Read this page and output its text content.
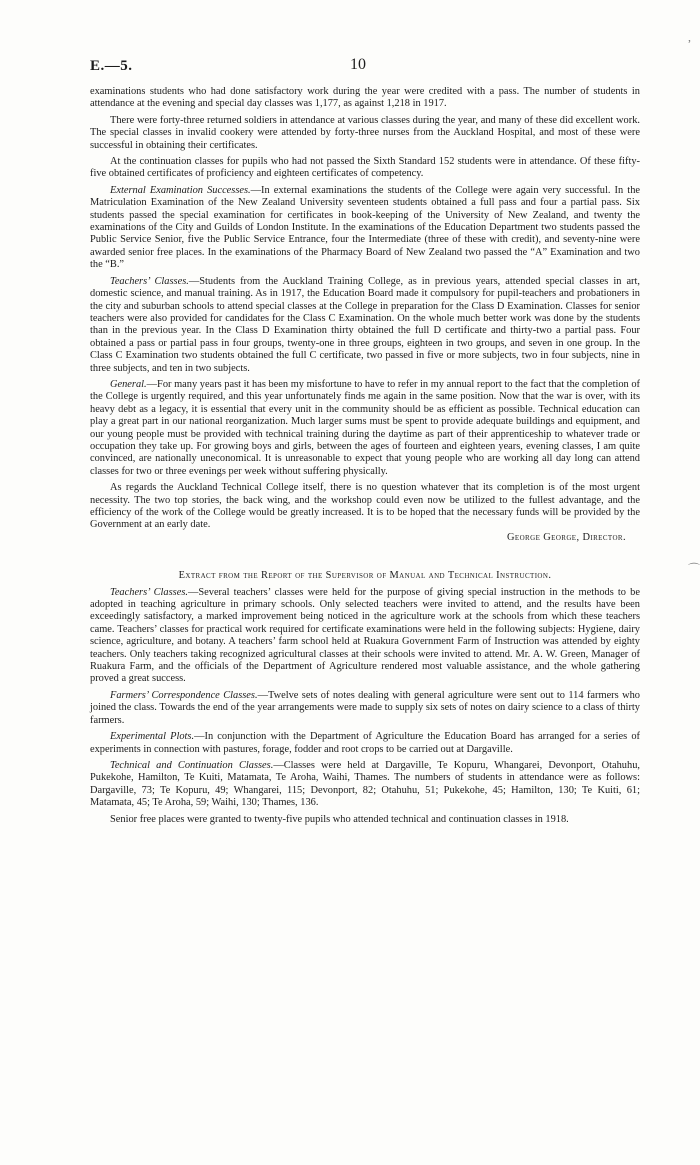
E.—5.	10

examinations students who had done satisfactory work during the year were credited with a pass. The number of students in attendance at the evening and special day classes was 1,177, as against 1,218 in 1917.

There were forty-three returned soldiers in attendance at various classes during the year, and many of these did excellent work. The special classes in invalid cookery were attended by forty-three nurses from the Auckland Hospital, and most of these were successful in obtaining their certificates.

At the continuation classes for pupils who had not passed the Sixth Standard 152 students were in attendance. Of these fifty-five obtained certificates of proficiency and eighteen certificates of competency.

External Examination Successes.—In external examinations the students of the College were again very successful. In the Matriculation Examination of the New Zealand University seventeen students obtained a full pass and four a partial pass. Six students passed the special examination for certificates in book-keeping of the University of New Zealand, and twenty the examinations of the City and Guilds of London Institute. In the examinations of the Education Department two students passed the Public Service Senior, five the Public Service Entrance, four the Intermediate (three of these with credit), and seventy-nine were awarded senior free places. In the examinations of the Pharmacy Board of New Zealand two passed the “A” Examination and two the “B.”

Teachers’ Classes.—Students from the Auckland Training College, as in previous years, attended special classes in art, domestic science, and manual training. As in 1917, the Education Board made it compulsory for pupil-teachers and probationers in the city and suburban schools to attend special classes at the College in preparation for the Class D Examination. Classes for senior teachers were also provided for candidates for the Class C Examination. On the whole much better work was done by the students than in the previous year. In the Class D Examination thirty obtained the full D certificate and thirty-two a partial pass. Four obtained a pass or partial pass in four groups, twenty-one in three groups, eighteen in two groups, and seven in one group. In the Class C Examination two students obtained the full C certificate, two passed in five or more subjects, two in four subjects, nine in three subjects, and ten in two subjects.

General.—For many years past it has been my misfortune to have to refer in my annual report to the fact that the completion of the College is urgently required, and this year unfortunately finds me again in the same position. Now that the war is over, with its heavy debt as a legacy, it is essential that every unit in the community should be as efficient as possible. Technical education can play a great part in our national reorganization. Much larger sums must be spent to provide adequate buildings and equipment, and our young people must be provided with technical training during the daytime as part of their apprenticeship to whatever trade or occupation they take up. For growing boys and girls, between the ages of fourteen and eighteen years, evening classes, I am quite convinced, are nationally uneconomical. It is unreasonable to expect that young people who are working all day long can attend classes for two or three evenings per week without suffering physically.

As regards the Auckland Technical College itself, there is no question whatever that its completion is of the most urgent necessity. The two top stories, the back wing, and the workshop could even now be utilized to the fullest advantage, and the efficiency of the work of the College would be greatly increased. It is to be hoped that the necessary funds will be provided by the Government at an early date.

George George, Director.
Extract from the Report of the Supervisor of Manual and Technical Instruction.

Teachers’ Classes.—Several teachers’ classes were held for the purpose of giving special instruction in the methods to be adopted in teaching agriculture in primary schools. Only selected teachers were invited to attend, and the results have been exceedingly satisfactory, a marked improvement being noticed in the agriculture work at the schools from which these teachers came. Teachers’ classes for practical work required for certificate examinations were held in the following subjects: Hygiene, dairy science, agriculture, and botany. A teachers’ farm school held at Ruakura Government Farm of Instruction was attended by eighty teachers. Only teachers taking recognized agricultural classes at their schools were invited to attend. Mr. A. W. Green, Manager of Ruakura Farm, and the officials of the Department of Agriculture rendered most valuable assistance, and the whole gathering proved a great success.

Farmers’ Correspondence Classes.—Twelve sets of notes dealing with general agriculture were sent out to 114 farmers who joined the class. Towards the end of the year arrangements were made to supply six sets of notes on dairy science to a class of thirty farmers.

Experimental Plots.—In conjunction with the Department of Agriculture the Education Board has arranged for a series of experiments in connection with pastures, forage, fodder and root crops to be carried out at Dargaville.

Technical and Continuation Classes.—Classes were held at Dargaville, Te Kopuru, Whangarei, Devonport, Otahuhu, Pukekohe, Hamilton, Te Kuiti, Matamata, Te Aroha, Waihi, Thames. The numbers of students in attendance were as follows: Dargaville, 73; Te Kopuru, 49; Whangarei, 115; Devonport, 82; Otahuhu, 51; Pukekohe, 45; Hamilton, 130; Te Kuiti, 61; Matamata, 45; Te Aroha, 59; Waihi, 130; Thames, 136.

Senior free places were granted to twenty-five pupils who attended technical and continuation classes in 1918.

,
⌒
